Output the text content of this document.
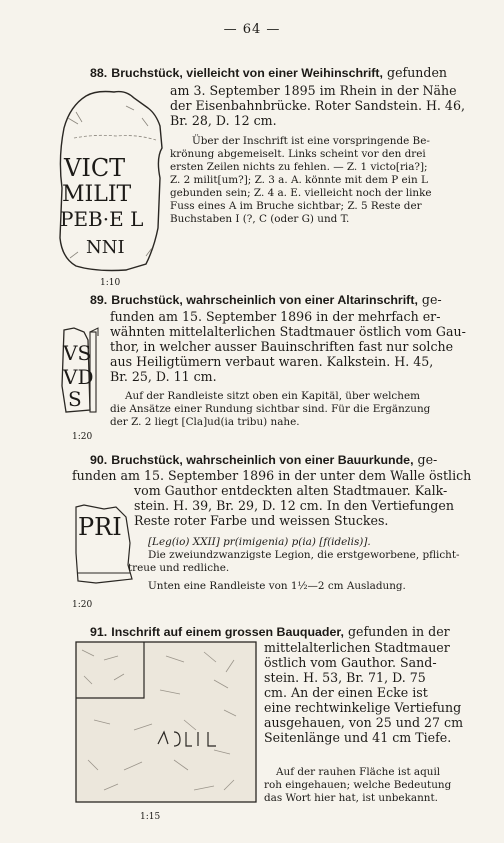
— 64 —
VICT
MILIT
PEB·E L
NNI
88. Bruchstück, vielleicht von einer Weihinschrift, gefunden
am 3. September 1895 im Rhein in der Nähe
der Eisenbahnbrücke. Roter Sandstein. H. 46,
Br. 28, D. 12 cm.
Über der Inschrift ist eine vorspringende Be-
krönung abgemeiselt. Links scheint vor den drei
ersten Zeilen nichts zu fehlen. — Z. 1 victo[ria?];
Z. 2 milit[um?]; Z. 3 a. A. könnte mit dem P ein L
gebunden sein; Z. 4 a. E. vielleicht noch der linke
Fuss eines A im Bruche sichtbar; Z. 5 Reste der
Buchstaben I (?, C (oder G) und T.
1:10
VS
VD
S
89. Bruchstück, wahrscheinlich von einer Altarinschrift, ge-
funden am 15. September 1896 in der mehrfach er-
wähnten mittelalterlichen Stadtmauer östlich vom Gau-
thor, in welcher ausser Bauinschriften fast nur solche
aus Heiligtümern verbaut waren. Kalkstein. H. 45,
Br. 25, D. 11 cm.
Auf der Randleiste sitzt oben ein Kapitäl, über welchem
die Ansätze einer Rundung sichtbar sind. Für die Ergänzung
der Z. 2 liegt [Cla]ud(ia tribu) nahe.
1:20
90. Bruchstück, wahrscheinlich von einer Bauurkunde, ge-
funden am 15. September 1896 in der unter dem Walle östlich
vom Gauthor entdeckten alten Stadtmauer. Kalk-
stein. H. 39, Br. 29, D. 12 cm. In den Vertiefungen
Reste roter Farbe und weissen Stuckes.
PRI
[Leg(io) XXII] pr(imigenia) p(ia) [f(idelis)].
Die zweiundzwanzigste Legion, die erstgeworbene, pflicht-
treue und redliche.
Unten eine Randleiste von 1½—2 cm Ausladung.
1:20
91. Inschrift auf einem grossen Bauquader, gefunden in der
mittelalterlichen Stadtmauer
östlich vom Gauthor. Sand-
stein. H. 53, Br. 71, D. 75
cm. An der einen Ecke ist
eine rechtwinkelige Vertiefung
ausgehauen, von 25 und 27 cm
Seitenlänge und 41 cm Tiefe.
Auf der rauhen Fläche ist aquil
roh eingehauen; welche Bedeutung
das Wort hier hat, ist unbekannt.
1:15
